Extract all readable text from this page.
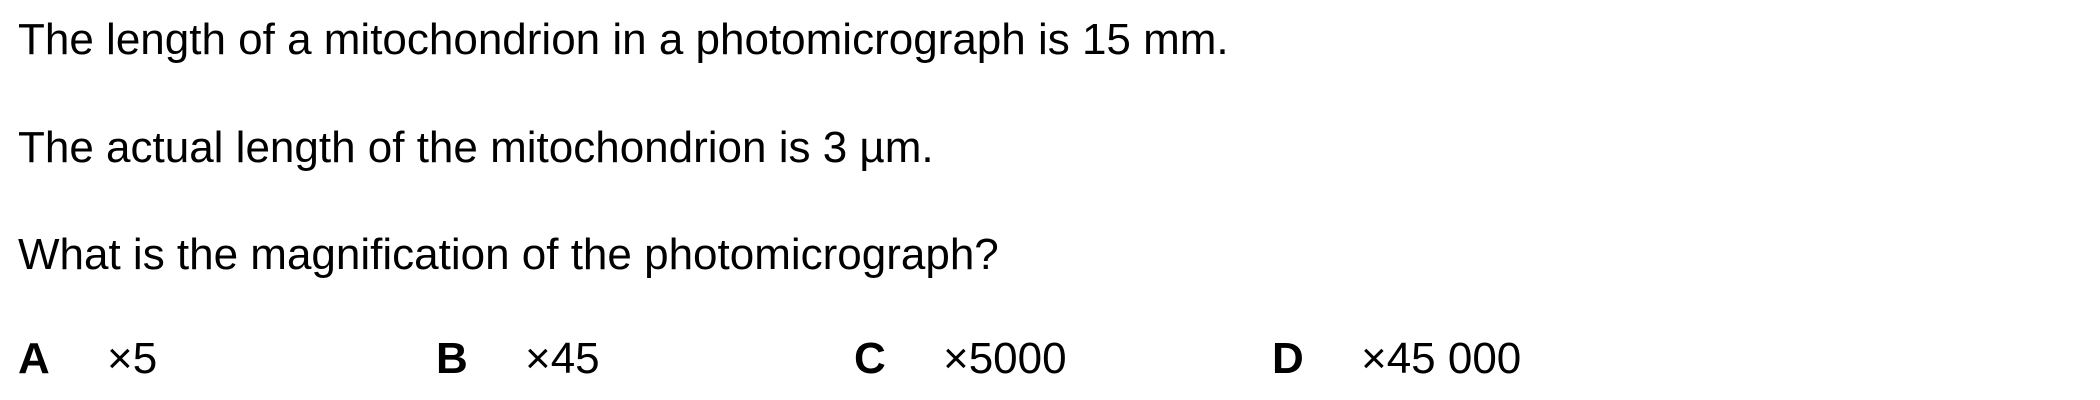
The length of a mitochondrion in a photomicrograph is 15 mm.

The actual length of the mitochondrion is 3 µm.

What is the magnification of the photomicrograph?

A ×5	B ×45	C ×5000	D ×45 000
